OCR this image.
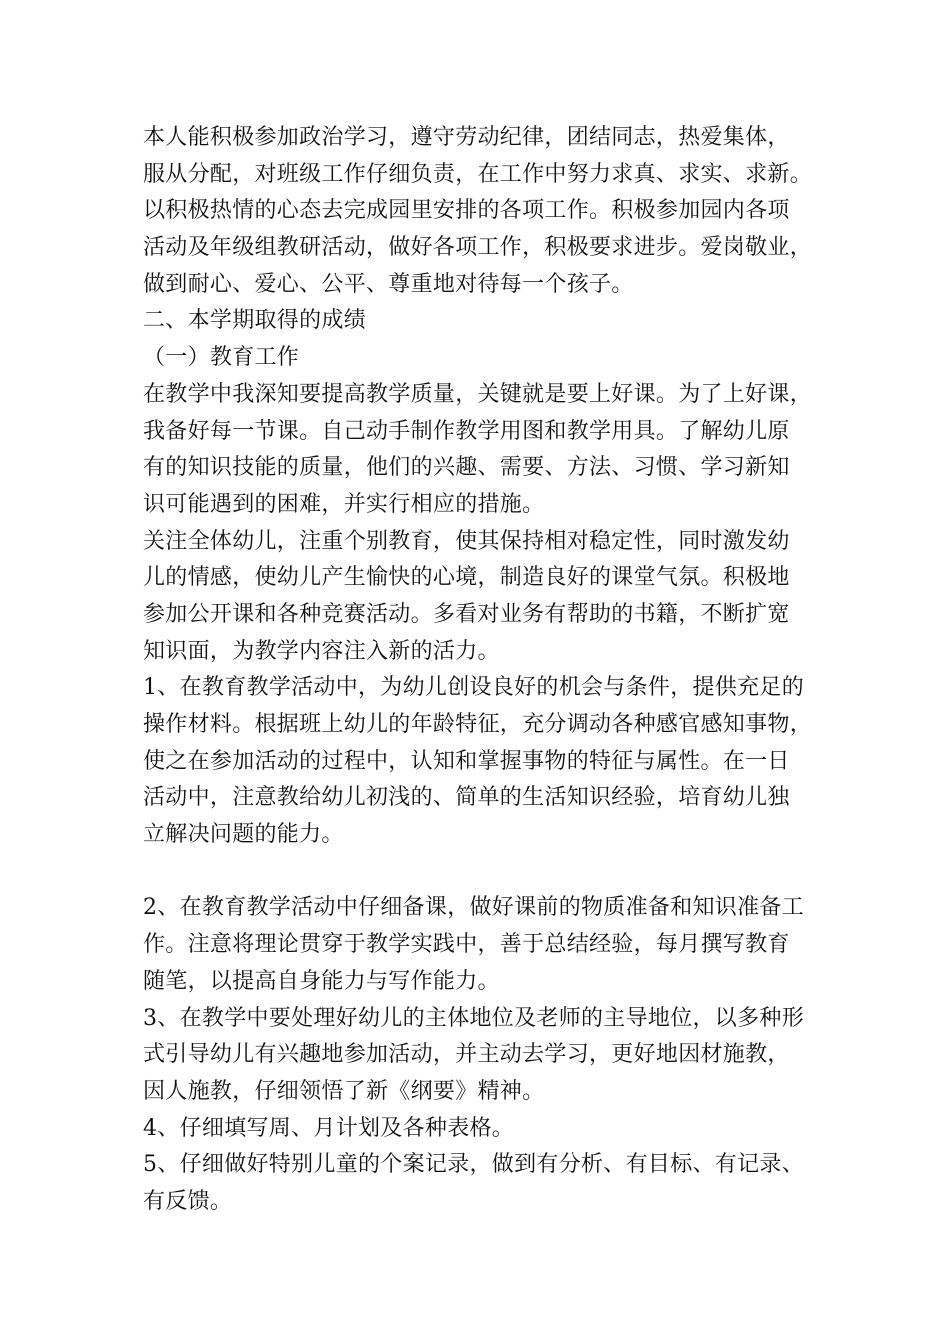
本人能积极参加政治学习，遵守劳动纪律，团结同志，热爱集体，
服从分配，对班级工作仔细负责，在工作中努力求真、求实、求新。
以积极热情的心态去完成园里安排的各项工作。积极参加园内各项
活动及年级组教研活动，做好各项工作，积极要求进步。爱岗敬业，
做到耐心、爱心、公平、尊重地对待每一个孩子。
二、本学期取得的成绩
（一）教育工作
在教学中我深知要提高教学质量，关键就是要上好课。为了上好课，
我备好每一节课。自己动手制作教学用图和教学用具。了解幼儿原
有的知识技能的质量，他们的兴趣、需要、方法、习惯、学习新知
识可能遇到的困难，并实行相应的措施。
关注全体幼儿，注重个别教育，使其保持相对稳定性，同时激发幼
儿的情感，使幼儿产生愉快的心境，制造良好的课堂气氛。积极地
参加公开课和各种竞赛活动。多看对业务有帮助的书籍，不断扩宽
知识面，为教学内容注入新的活力。
1、在教育教学活动中，为幼儿创设良好的机会与条件，提供充足的
操作材料。根据班上幼儿的年龄特征，充分调动各种感官感知事物，
使之在参加活动的过程中，认知和掌握事物的特征与属性。在一日
活动中，注意教给幼儿初浅的、简单的生活知识经验，培育幼儿独
立解决问题的能力。
2、在教育教学活动中仔细备课，做好课前的物质准备和知识准备工
作。注意将理论贯穿于教学实践中，善于总结经验，每月撰写教育
随笔，以提高自身能力与写作能力。
3、在教学中要处理好幼儿的主体地位及老师的主导地位，以多种形
式引导幼儿有兴趣地参加活动，并主动去学习，更好地因材施教，
因人施教，仔细领悟了新《纲要》精神。
4、仔细填写周、月计划及各种表格。
5、仔细做好特别儿童的个案记录，做到有分析、有目标、有记录、
有反馈。
